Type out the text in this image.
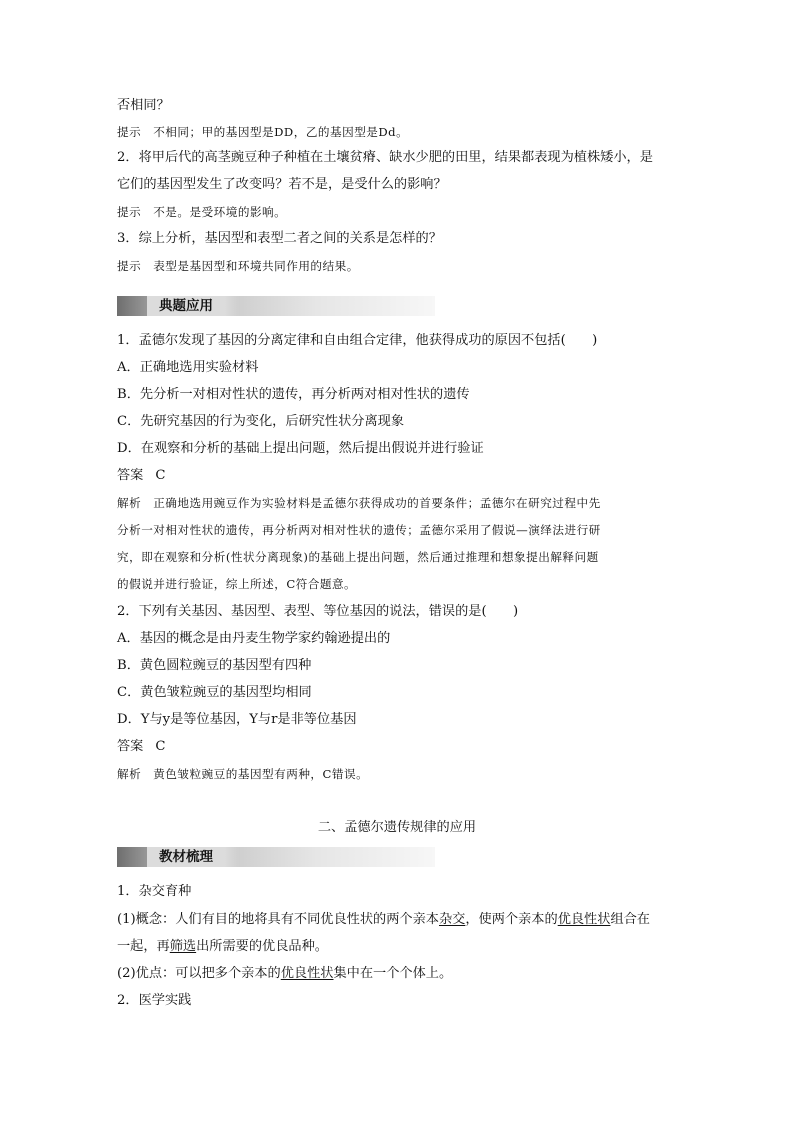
否相同？
提示 不相同；甲的基因型是DD，乙的基因型是Dd。
2．将甲后代的高茎豌豆种子种植在土壤贫瘠、缺水少肥的田里，结果都表现为植株矮小，是
它们的基因型发生了改变吗？若不是，是受什么的影响？
提示 不是。是受环境的影响。
3．综上分析，基因型和表型二者之间的关系是怎样的？
提示 表型是基因型和环境共同作用的结果。
典题应用
1．孟德尔发现了基因的分离定律和自由组合定律，他获得成功的原因不包括(　　)
A．正确地选用实验材料
B．先分析一对相对性状的遗传，再分析两对相对性状的遗传
C．先研究基因的行为变化，后研究性状分离现象
D．在观察和分析的基础上提出问题，然后提出假说并进行验证
答案 C
解析 正确地选用豌豆作为实验材料是孟德尔获得成功的首要条件；孟德尔在研究过程中先
分析一对相对性状的遗传，再分析两对相对性状的遗传；孟德尔采用了假说—演绎法进行研
究，即在观察和分析(性状分离现象)的基础上提出问题，然后通过推理和想象提出解释问题
的假说并进行验证，综上所述，C符合题意。
2．下列有关基因、基因型、表型、等位基因的说法，错误的是(　　)
A．基因的概念是由丹麦生物学家约翰逊提出的
B．黄色圆粒豌豆的基因型有四种
C．黄色皱粒豌豆的基因型均相同
D．Y与y是等位基因，Y与r是非等位基因
答案 C
解析 黄色皱粒豌豆的基因型有两种，C错误。
二、孟德尔遗传规律的应用
教材梳理
1．杂交育种
(1)概念：人们有目的地将具有不同优良性状的两个亲本杂交，使两个亲本的优良性状组合在
一起，再筛选出所需要的优良品种。
(2)优点：可以把多个亲本的优良性状集中在一个个体上。
2．医学实践
